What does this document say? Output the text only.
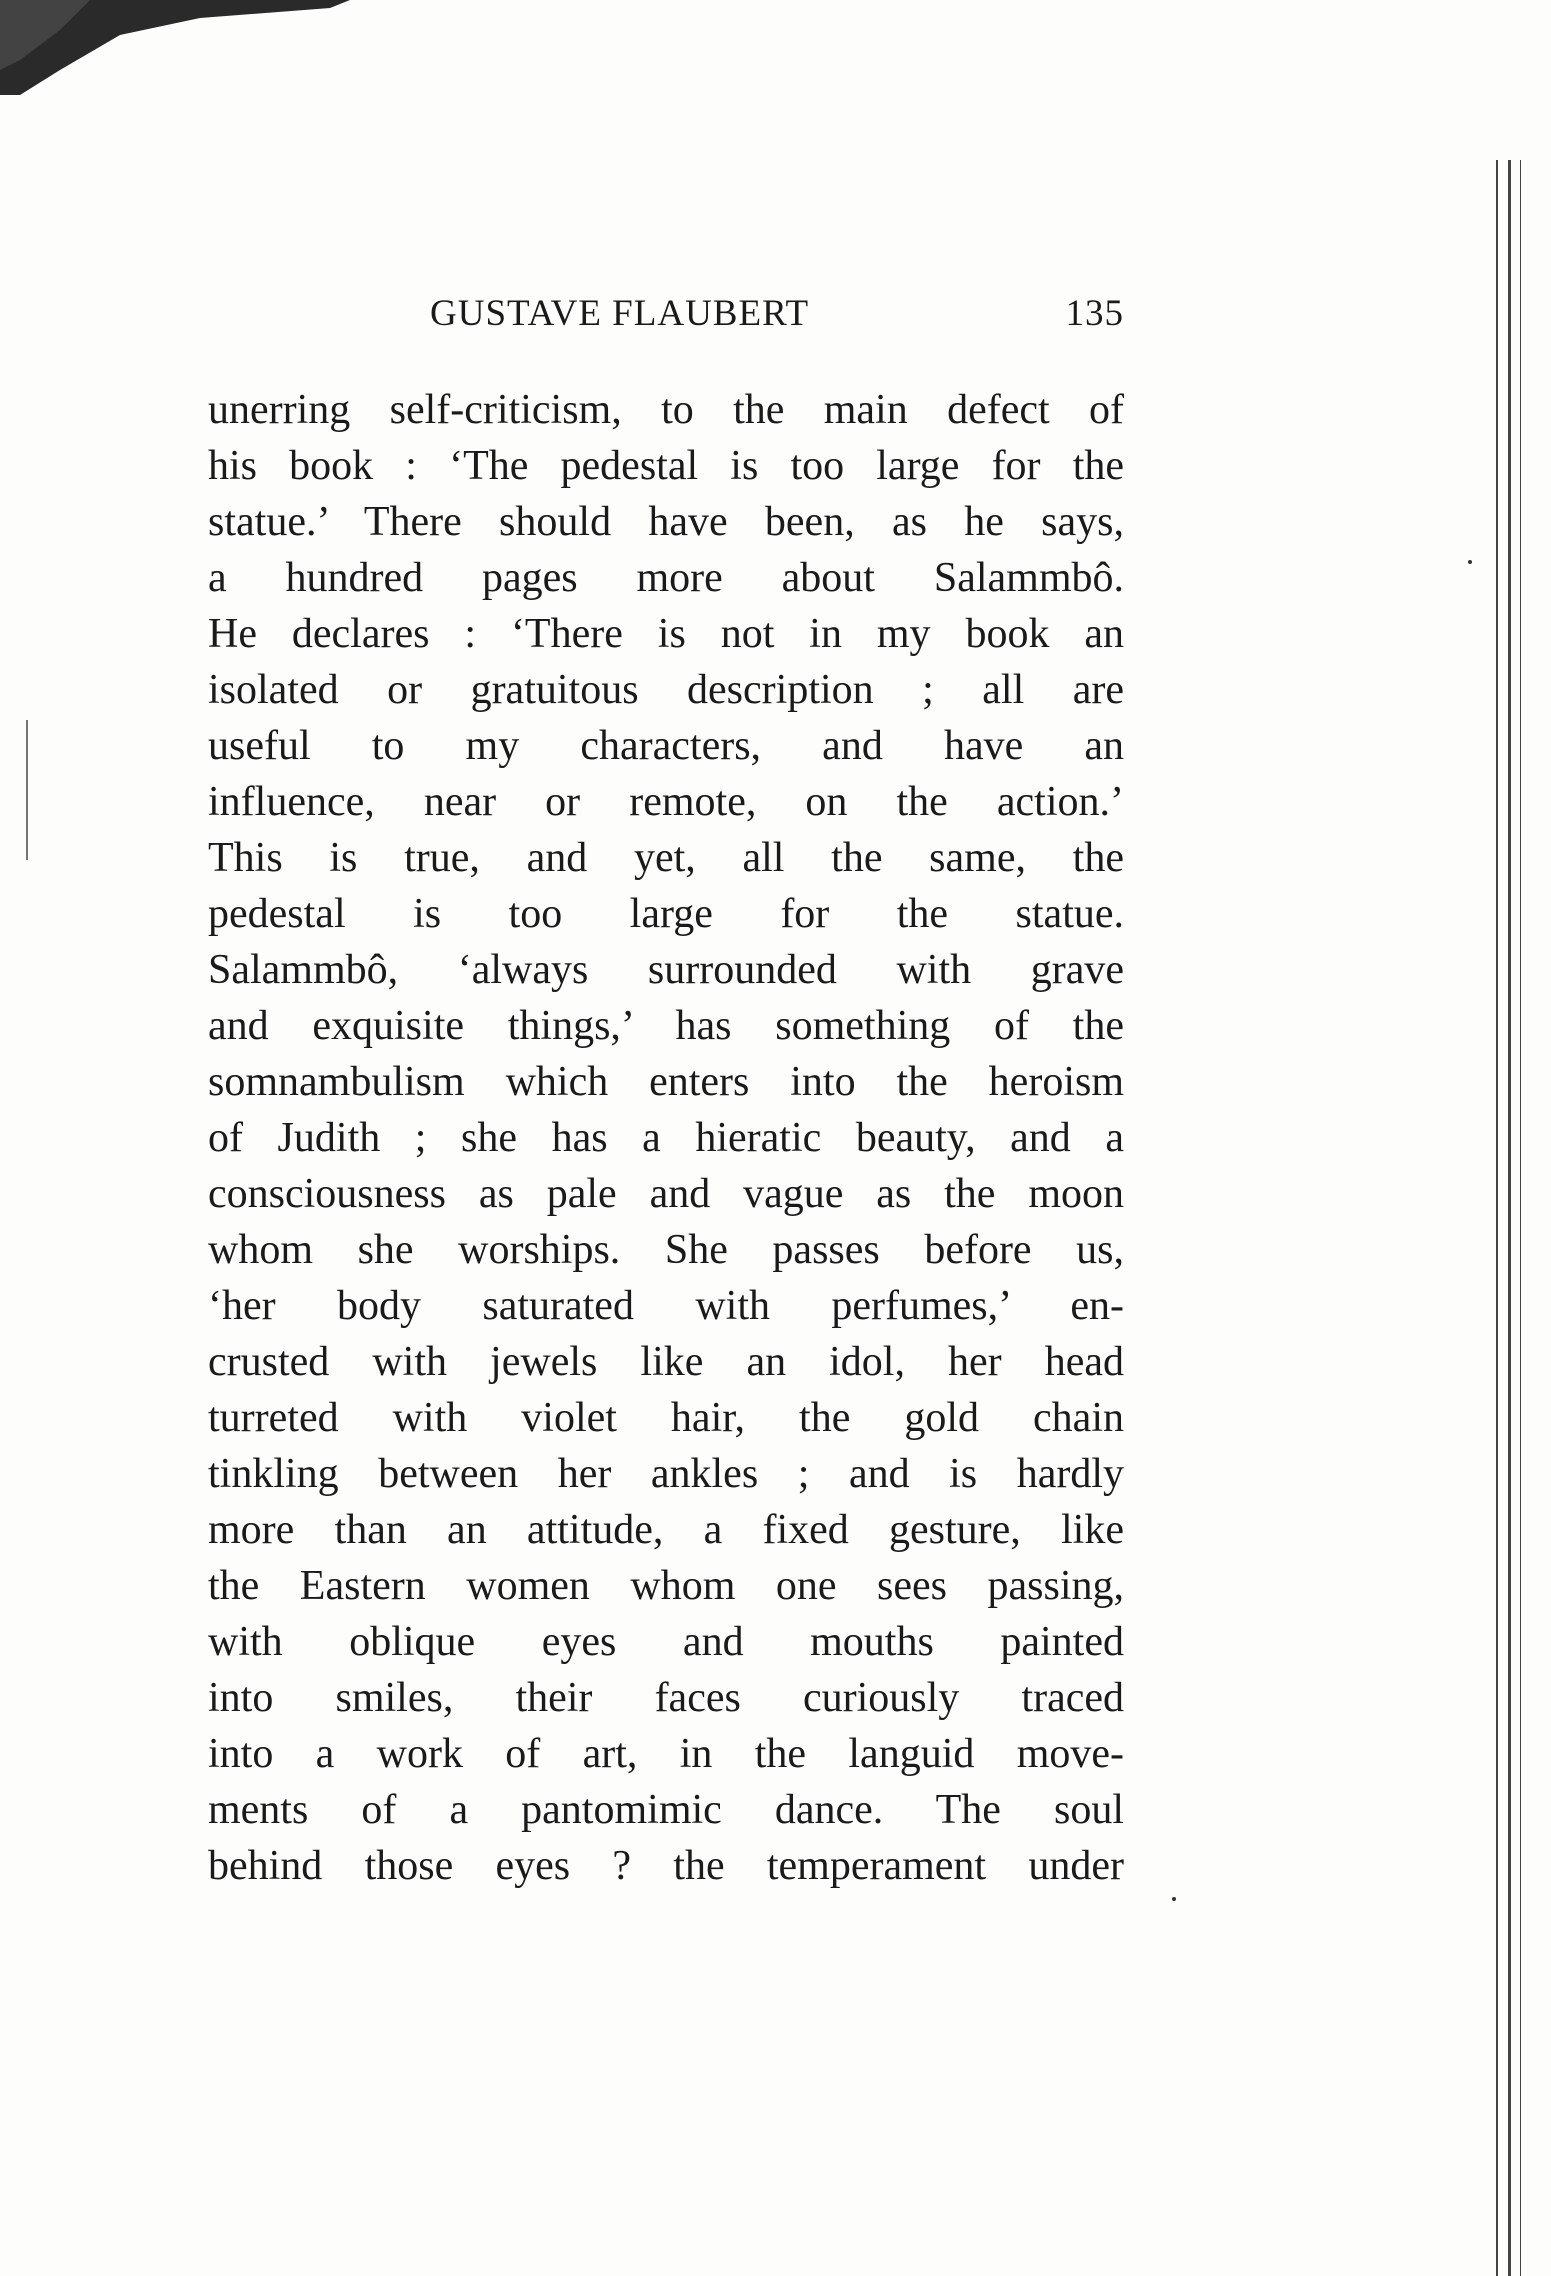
GUSTAVE FLAUBERT	135
unerring self-criticism, to the main defect of
his book : ‘The pedestal is too large for the
statue.’ There should have been, as he says,
a hundred pages more about Salammbô.
He declares : ‘There is not in my book an
isolated or gratuitous description ; all are
useful to my characters, and have an
influence, near or remote, on the action.’
This is true, and yet, all the same, the
pedestal is too large for the statue.
Salammbô, ‘always surrounded with grave
and exquisite things,’ has something of the
somnambulism which enters into the heroism
of Judith ; she has a hieratic beauty, and a
consciousness as pale and vague as the moon
whom she worships. She passes before us,
‘her body saturated with perfumes,’ en-
crusted with jewels like an idol, her head
turreted with violet hair, the gold chain
tinkling between her ankles ; and is hardly
more than an attitude, a fixed gesture, like
the Eastern women whom one sees passing,
with oblique eyes and mouths painted
into smiles, their faces curiously traced
into a work of art, in the languid move-
ments of a pantomimic dance. The soul
behind those eyes ? the temperament under
